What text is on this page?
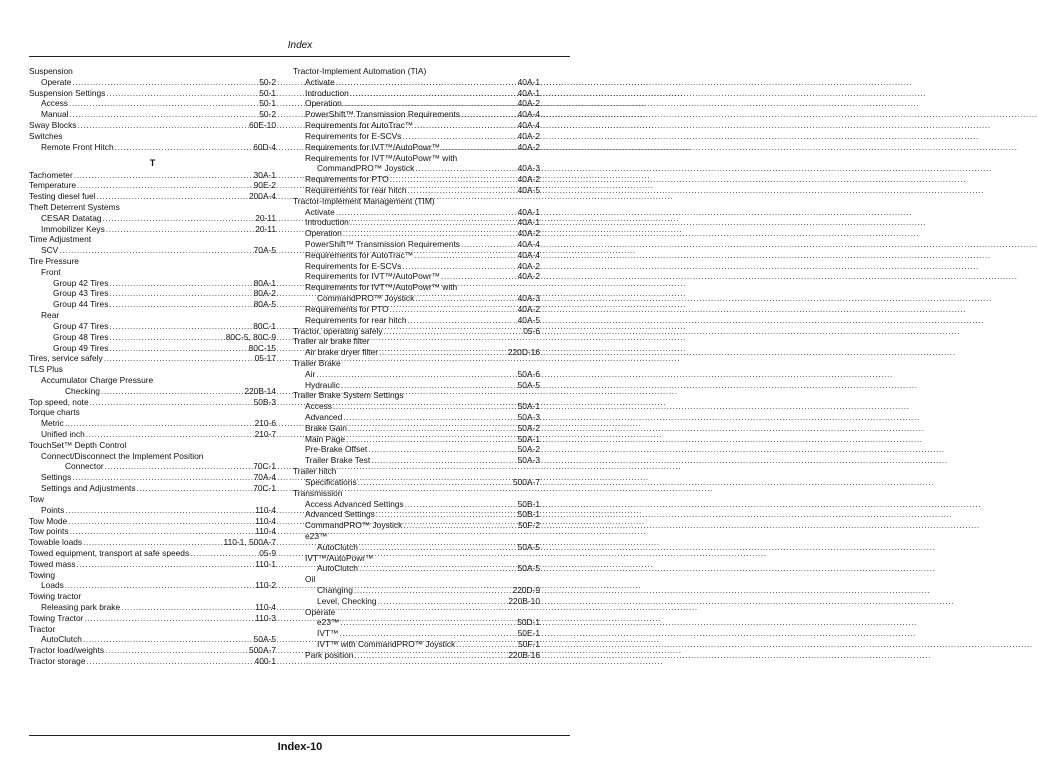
Index
Suspension
Operate .....	50-2
Suspension Settings .....	50-1
Access .....	50-1
Manual .....	50-2
Sway Blocks .....	60E-10
Switches
Remote Front Hitch .....	60D-4
T
Tachometer .....	30A-1
Temperature .....	90E-2
Testing diesel fuel .....	200A-4
Theft Deterrent Systems
CESAR Datatag .....	20-11
Immobilizer Keys .....	20-11
Time Adjustment
SCV .....	70A-5
Tire Pressure
Front
Group 42 Tires .....	80A-1
Group 43 Tires .....	80A-2
Group 44 Tires .....	80A-5
Rear
Group 47 Tires .....	80C-1
Group 48 Tires .....	80C-5, 80C-9
Group 49 Tires .....	80C-15
Tires, service safely .....	05-17
TLS Plus
Accumulator Charge Pressure
Checking .....	220B-14
Top speed, note .....	50B-3
Torque charts
Metric .....	210-6
Unified inch .....	210-7
TouchSet™ Depth Control
Connect/Disconnect the Implement Position
Connector .....	70C-1
Settings .....	70A-4
Settings and Adjustments .....	70C-1
Tow
Points .....	110-4
Tow Mode .....	110-4
Tow points .....	110-4
Towable loads .....	110-1, 500A-7
Towed equipment, transport at safe speeds .....	05-9
Towed mass .....	110-1
Towing
Loads .....	110-2
Towing tractor
Releasing park brake .....	110-4
Towing Tractor .....	110-3
Tractor
AutoClutch .....	50A-5
Tractor load/weights .....	500A-7
Tractor storage .....	400-1
Tractor-Implement Automation (TIA)
Activate .....	40A-1
Introduction .....	40A-1
Operation .....	40A-2
PowerShift™ Transmission Requirements .....	40A-4
Requirements for AutoTrac™ .....	40A-4
Requirements for E-SCVs .....	40A-2
Requirements for IVT™/AutoPowr™ .....	40A-2
Requirements for IVT™/AutoPowr™ with
CommandPRO™ Joystick .....	40A-3
Requirements for PTO .....	40A-2
Requirements for rear hitch .....	40A-5
Tractor-Implement Management (TIM)
Activate .....	40A-1
Introduction .....	40A-1
Operation .....	40A-2
PowerShift™ Transmission Requirements .....	40A-4
Requirements for AutoTrac™ .....	40A-4
Requirements for E-SCVs .....	40A-2
Requirements for IVT™/AutoPowr™ .....	40A-2
Requirements for IVT™/AutoPowr™ with
CommandPRO™ Joystick .....	40A-3
Requirements for PTO .....	40A-2
Requirements for rear hitch .....	40A-5
Tractor, operating safely .....	05-6
Trailer air brake filter
Air brake dryer filter .....	220D-16
Trailer Brake
Air .....	50A-6
Hydraulic .....	50A-5
Trailer Brake System Settings
Access .....	50A-1
Advanced .....	50A-3
Brake Gain .....	50A-2
Main Page .....	50A-1
Pre-Brake Offset .....	50A-2
Trailer Brake Test .....	50A-3
Trailer hitch
Specifications .....	500A-7
Transmission
Access Advanced Settings .....	50B-1
Advanced Settings .....	50B-1
CommandPRO™ Joystick .....	50F-2
e23™
AutoClutch .....	50A-5
IVT™/AutoPowr™
AutoClutch .....	50A-5
Oil
Changing .....	220D-9
Level, Checking .....	220B-10
Operate
e23™ .....	50D-1
IVT™ .....	50E-1
IVT™ with CommandPRO™ Joystick .....	50F-1
Park position .....	220B-16
Index-10
